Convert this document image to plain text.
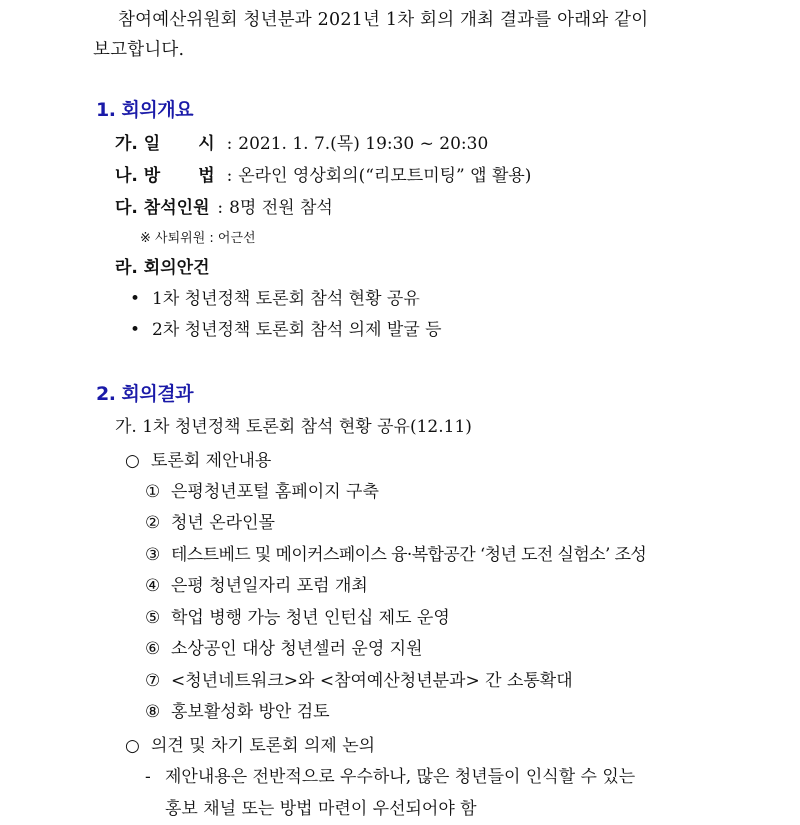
참여예산위원회 청년분과 2021년 1차 회의 개최 결과를 아래와 같이
보고합니다.
1. 회의개요
가. 일 시 : 2021. 1. 7.(목) 19:30 ~ 20:30
나. 방 법 : 온라인 영상회의(“리모트미팅” 앱 활용)
다. 참석인원 : 8명 전원 참석
※ 사퇴위원 : 어근선
라. 회의안건
• 1차 청년정책 토론회 참석 현황 공유
• 2차 청년정책 토론회 참석 의제 발굴 등
2. 회의결과
가. 1차 청년정책 토론회 참석 현황 공유(12.11)
○ 토론회 제안내용
① 은평청년포털 홈페이지 구축
② 청년 온라인몰
③ 테스트베드 및 메이커스페이스 융·복합공간 ‘청년 도전 실험소’ 조성
④ 은평 청년일자리 포럼 개최
⑤ 학업 병행 가능 청년 인턴십 제도 운영
⑥ 소상공인 대상 청년셀러 운영 지원
⑦ <청년네트워크>와 <참여예산청년분과> 간 소통확대
⑧ 홍보활성화 방안 검토
○ 의견 및 차기 토론회 의제 논의
- 제안내용은 전반적으로 우수하나, 많은 청년들이 인식할 수 있는
홍보 채널 또는 방법 마련이 우선되어야 함
